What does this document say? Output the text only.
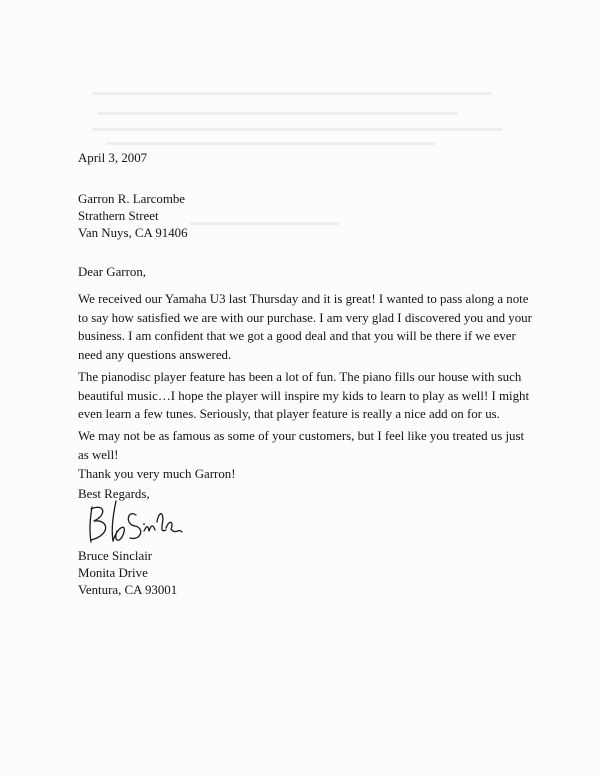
April 3, 2007
Garron R. Larcombe
Strathern Street
Van Nuys, CA 91406
Dear Garron,

We received our Yamaha U3 last Thursday and it is great! I wanted to pass along a note to say how satisfied we are with our purchase. I am very glad I discovered you and your business. I am confident that we got a good deal and that you will be there if we ever need any questions answered.

The pianodisc player feature has been a lot of fun. The piano fills our house with such beautiful music…I hope the player will inspire my kids to learn to play as well! I might even learn a few tunes. Seriously, that player feature is really a nice add on for us.

We may not be as famous as some of your customers, but I feel like you treated us just as well!

Thank you very much Garron!
Best Regards,
Bruce Sinclair
Monita Drive
Ventura, CA 93001
